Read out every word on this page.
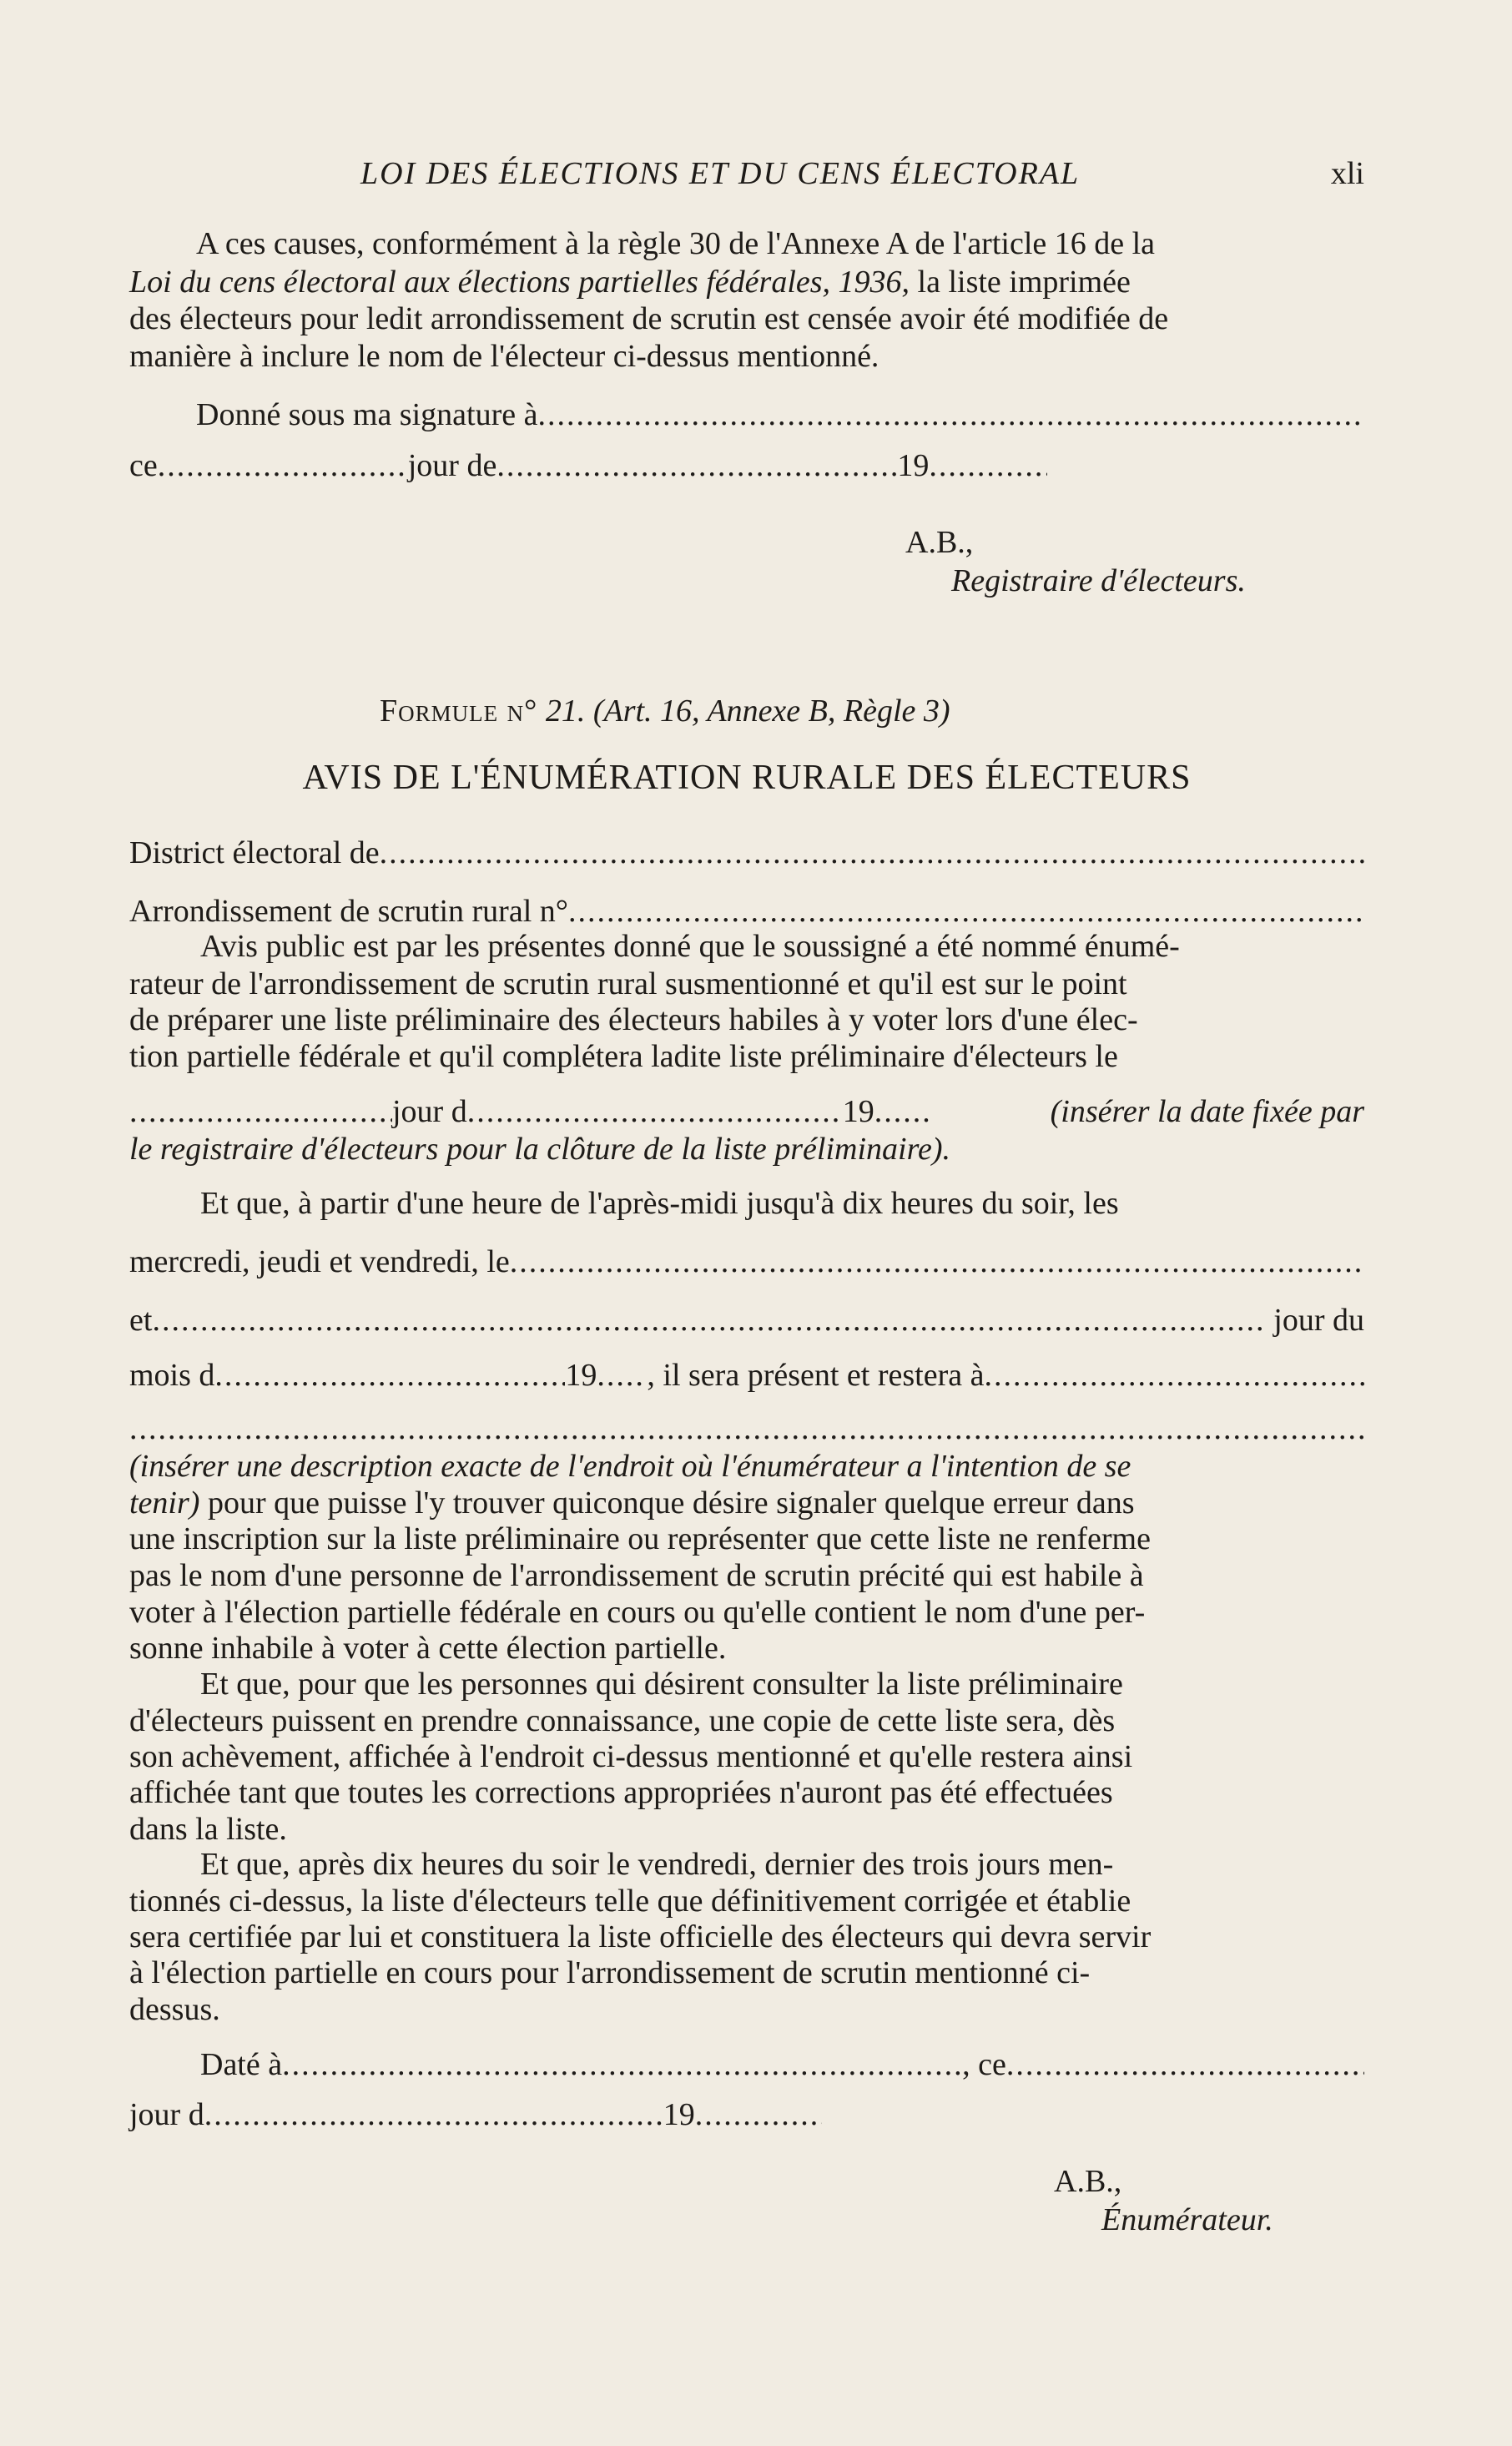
LOI DES ÉLECTIONS ET DU CENS ÉLECTORAL	xli
A ces causes, conformément à la règle 30 de l'Annexe A de l'article 16 de la
Loi du cens électoral aux élections partielles fédérales, 1936, la liste imprimée
des électeurs pour ledit arrondissement de scrutin est censée avoir été modifiée de
manière à inclure le nom de l'électeur ci-dessus mentionné.
Donné sous ma signature à
.....
ce .....	jour de .....	19
.....
A.B.,
Registraire d'électeurs.
Formule n° 21. (Art. 16, Annexe B, Règle 3)
AVIS DE L'ÉNUMÉRATION RURALE DES ÉLECTEURS
District électoral de
.....
Arrondissement de scrutin rural n°
.....
Avis public est par les présentes donné que le soussigné a été nommé énumé-
rateur de l'arrondissement de scrutin rural susmentionné et qu'il est sur le point
de préparer une liste préliminaire des électeurs habiles à y voter lors d'une élec-
tion partielle fédérale et qu'il complétera ladite liste préliminaire d'électeurs le
.....
jour d .....	19 .....	(insérer la date fixée par
le registraire d'électeurs pour la clôture de la liste préliminaire).
Et que, à partir d'une heure de l'après-midi jusqu'à dix heures du soir, les
mercredi, jeudi et vendredi, le
.....
et .....	jour du
mois d .....	19 ..... , il sera présent et restera à
.....
.....
(insérer une description exacte de l'endroit où l'énumérateur a l'intention de se
tenir) pour que puisse l'y trouver quiconque désire signaler quelque erreur dans
une inscription sur la liste préliminaire ou représenter que cette liste ne renferme
pas le nom d'une personne de l'arrondissement de scrutin précité qui est habile à
voter à l'élection partielle fédérale en cours ou qu'elle contient le nom d'une per-
sonne inhabile à voter à cette élection partielle.
Et que, pour que les personnes qui désirent consulter la liste préliminaire
d'électeurs puissent en prendre connaissance, une copie de cette liste sera, dès
son achèvement, affichée à l'endroit ci-dessus mentionné et qu'elle restera ainsi
affichée tant que toutes les corrections appropriées n'auront pas été effectuées
dans la liste.
Et que, après dix heures du soir le vendredi, dernier des trois jours men-
tionnés ci-dessus, la liste d'électeurs telle que définitivement corrigée et établie
sera certifiée par lui et constituera la liste officielle des électeurs qui devra servir
à l'élection partielle en cours pour l'arrondissement de scrutin mentionné ci-
dessus.
Daté à .....	, ce
.....
jour d .....	19
.....
A.B.,
Énumérateur.
